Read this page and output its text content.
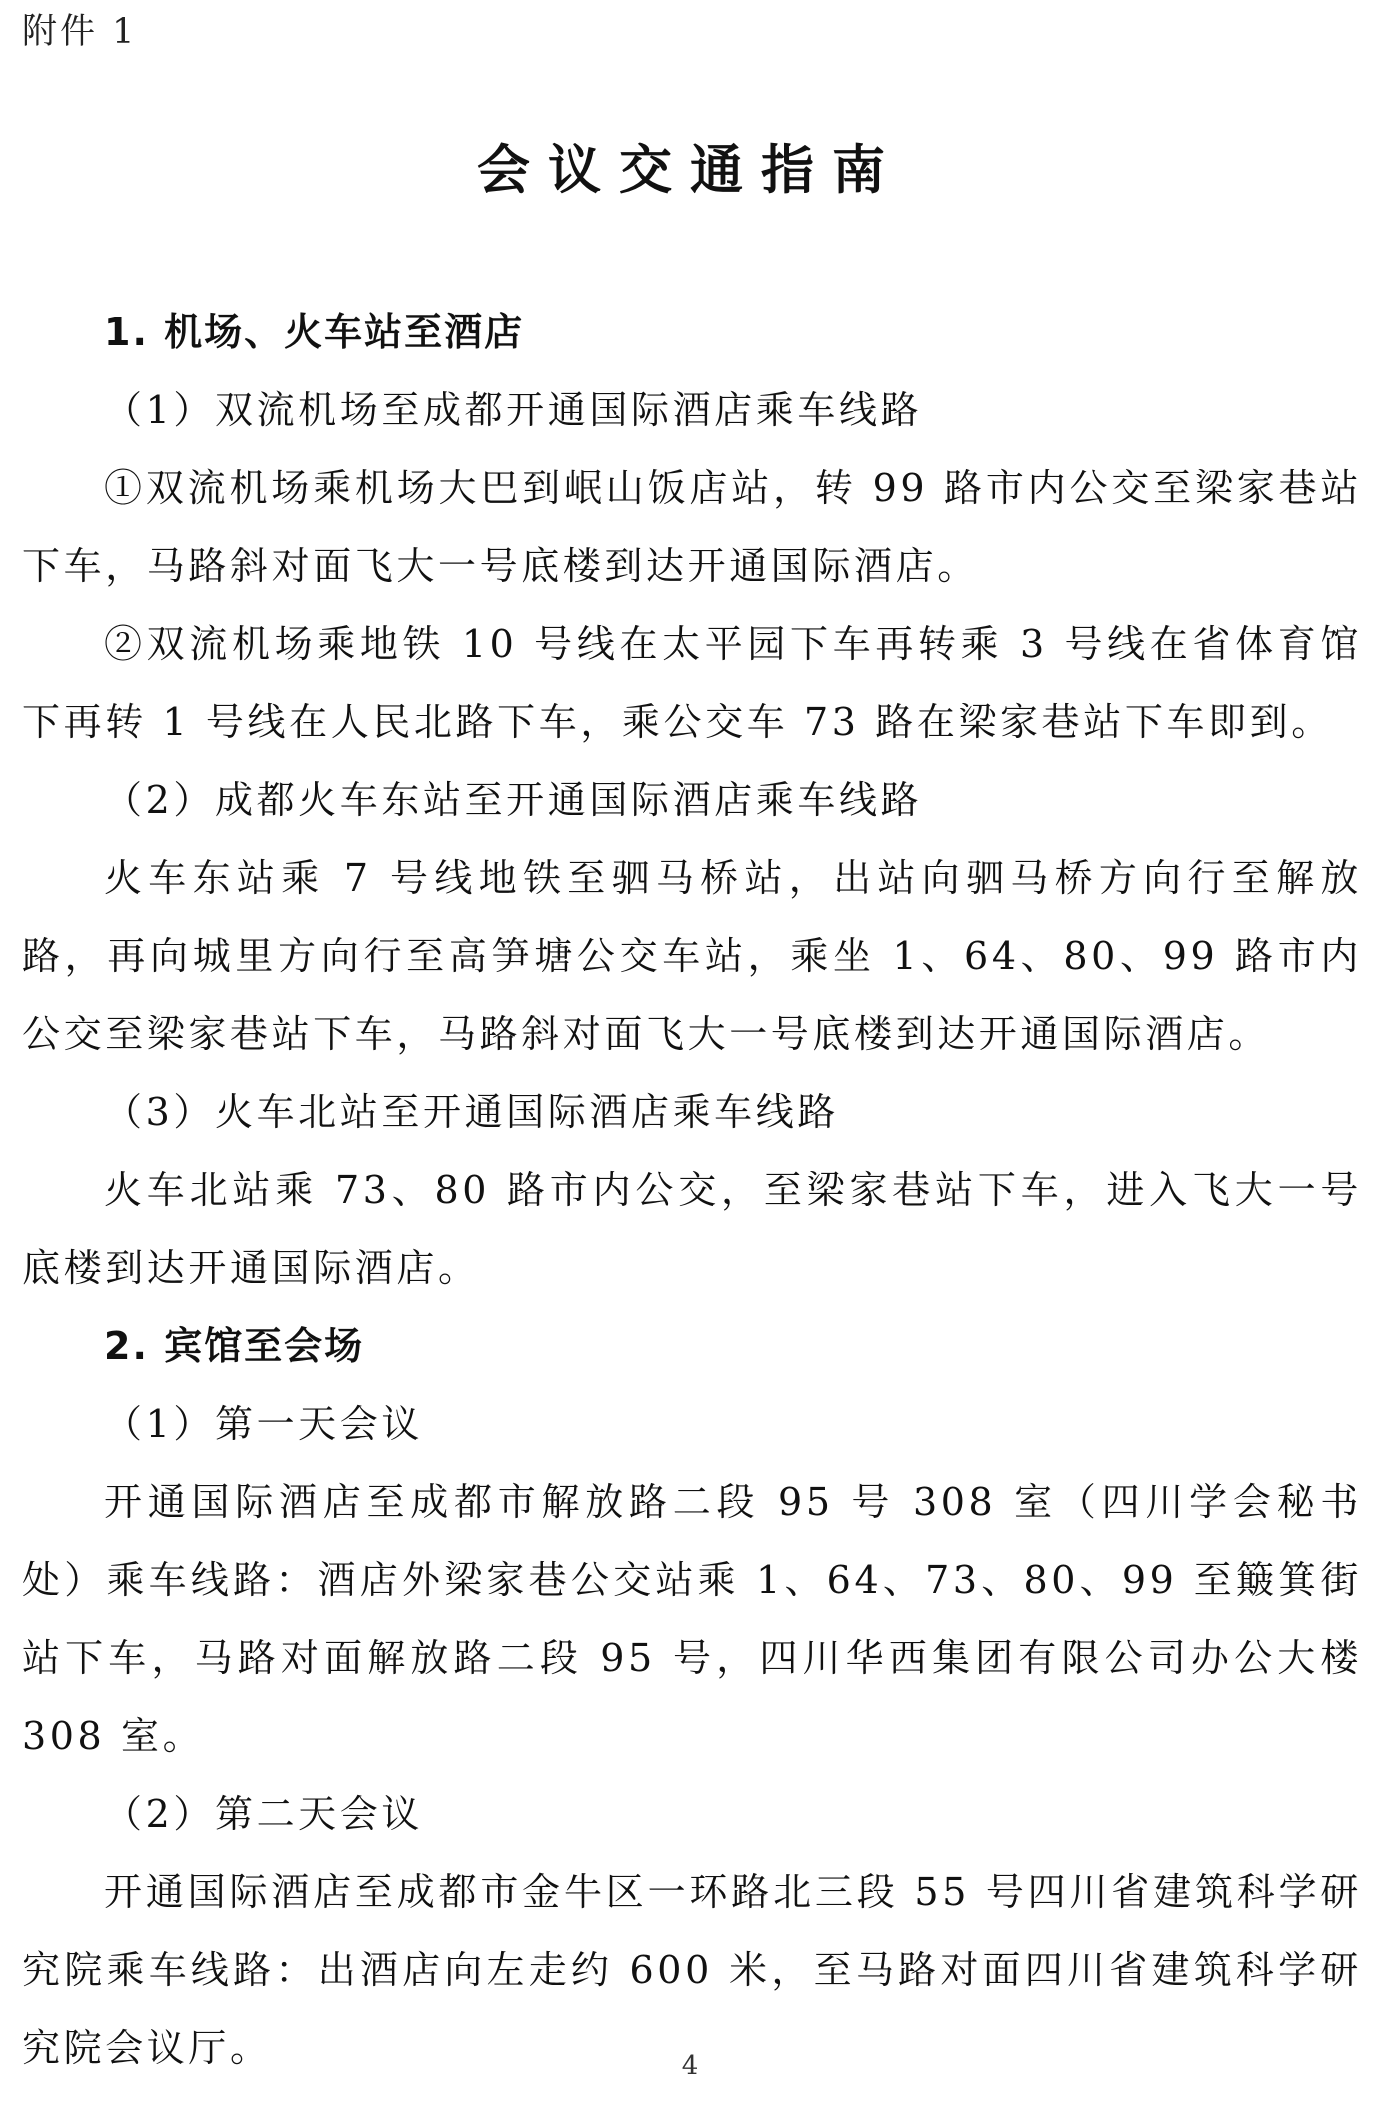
附件 1
会议交通指南

1. 机场、火车站至酒店

（1）双流机场至成都开通国际酒店乘车线路

①双流机场乘机场大巴到岷山饭店站，转 99 路市内公交至梁家巷站下车，马路斜对面飞大一号底楼到达开通国际酒店。

②双流机场乘地铁 10 号线在太平园下车再转乘 3 号线在省体育馆下再转 1 号线在人民北路下车，乘公交车 73 路在梁家巷站下车即到。

（2）成都火车东站至开通国际酒店乘车线路

火车东站乘 7 号线地铁至驷马桥站，出站向驷马桥方向行至解放路，再向城里方向行至高笋塘公交车站，乘坐 1、64、80、99 路市内公交至梁家巷站下车，马路斜对面飞大一号底楼到达开通国际酒店。

（3）火车北站至开通国际酒店乘车线路

火车北站乘 73、80 路市内公交，至梁家巷站下车，进入飞大一号底楼到达开通国际酒店。

2. 宾馆至会场

（1）第一天会议

开通国际酒店至成都市解放路二段 95 号 308 室（四川学会秘书处）乘车线路：酒店外梁家巷公交站乘 1、64、73、80、99 至簸箕街站下车，马路对面解放路二段 95 号，四川华西集团有限公司办公大楼 308 室。

（2）第二天会议

开通国际酒店至成都市金牛区一环路北三段 55 号四川省建筑科学研究院乘车线路：出酒店向左走约 600 米，至马路对面四川省建筑科学研究院会议厅。	4
